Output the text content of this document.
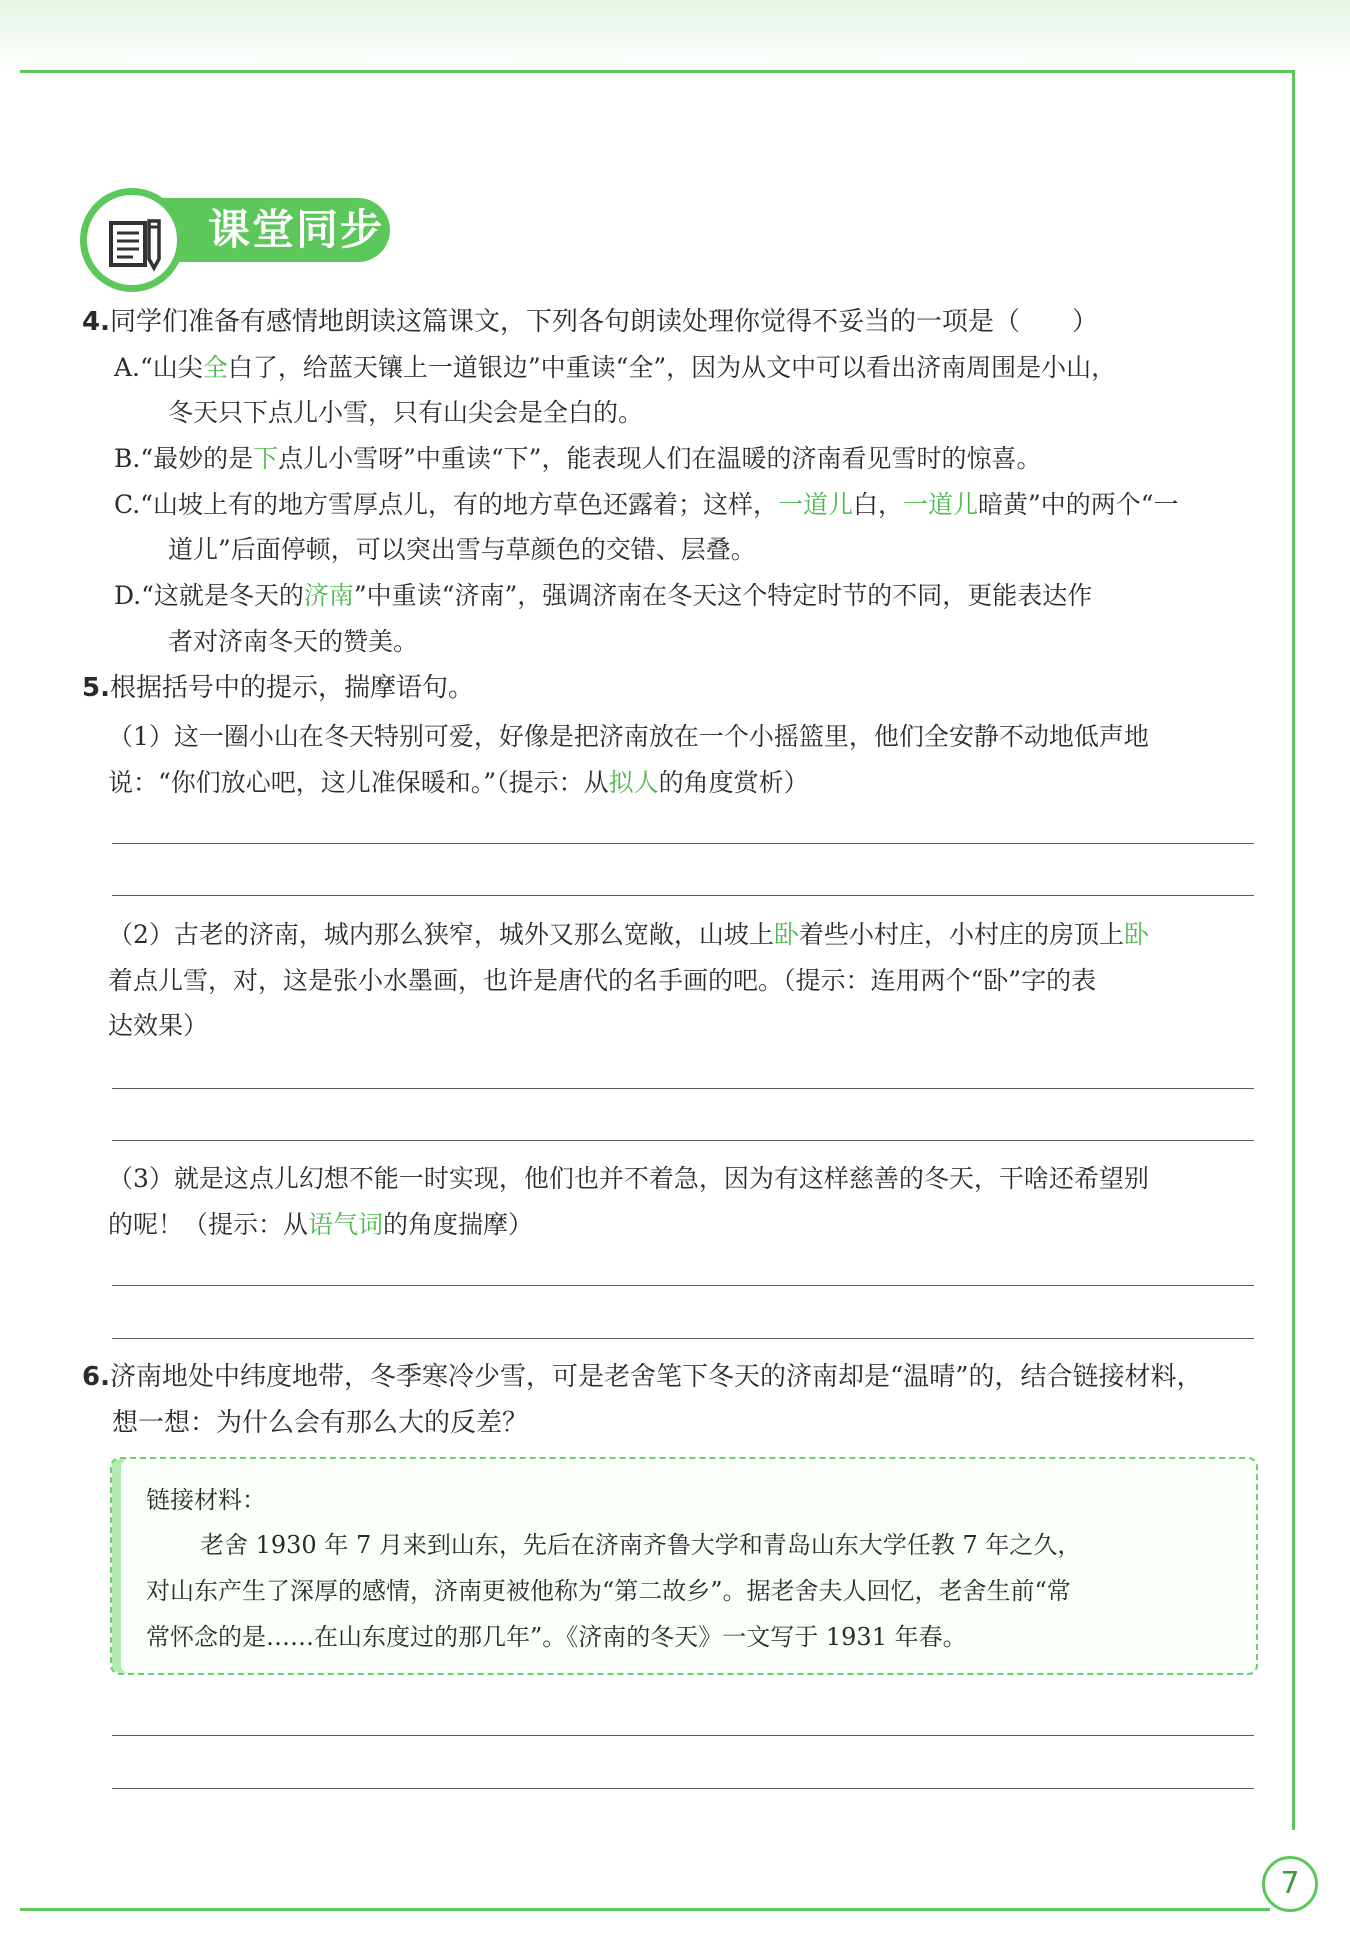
课堂同步
4.同学们准备有感情地朗读这篇课文，下列各句朗读处理你觉得不妥当的一项是（　　）
A.“山尖全白了，给蓝天镶上一道银边”中重读“全”，因为从文中可以看出济南周围是小山，
冬天只下点儿小雪，只有山尖会是全白的。
B.“最妙的是下点儿小雪呀”中重读“下”，能表现人们在温暖的济南看见雪时的惊喜。
C.“山坡上有的地方雪厚点儿，有的地方草色还露着；这样，一道儿白，一道儿暗黄”中的两个“一
道儿”后面停顿，可以突出雪与草颜色的交错、层叠。
D.“这就是冬天的济南”中重读“济南”，强调济南在冬天这个特定时节的不同，更能表达作
者对济南冬天的赞美。
5.根据括号中的提示，揣摩语句。
（1）这一圈小山在冬天特别可爱，好像是把济南放在一个小摇篮里，他们全安静不动地低声地
说：“你们放心吧，这儿准保暖和。”（提示：从拟人的角度赏析）
（2）古老的济南，城内那么狭窄，城外又那么宽敞，山坡上卧着些小村庄，小村庄的房顶上卧
着点儿雪，对，这是张小水墨画，也许是唐代的名手画的吧。（提示：连用两个“卧”字的表
达效果）
（3）就是这点儿幻想不能一时实现，他们也并不着急，因为有这样慈善的冬天，干啥还希望别
的呢！（提示：从语气词的角度揣摩）
6.济南地处中纬度地带，冬季寒冷少雪，可是老舍笔下冬天的济南却是“温晴”的，结合链接材料，
想一想：为什么会有那么大的反差？
链接材料：
老舍 1930 年 7 月来到山东，先后在济南齐鲁大学和青岛山东大学任教 7 年之久，
对山东产生了深厚的感情，济南更被他称为“第二故乡”。据老舍夫人回忆，老舍生前“常
常怀念的是……在山东度过的那几年”。《济南的冬天》一文写于 1931 年春。
7
